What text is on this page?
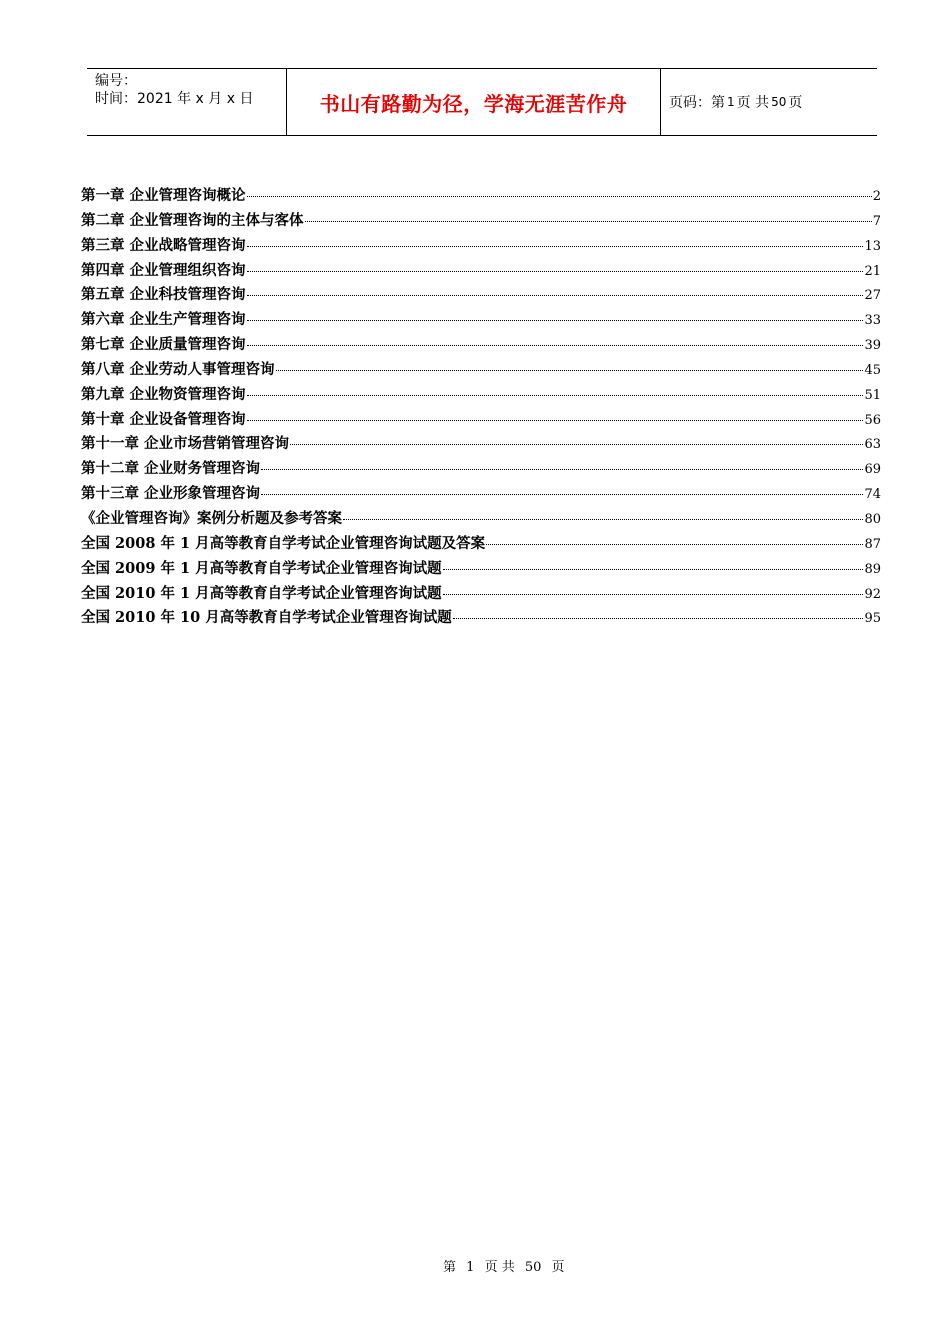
编号：
时间：2021 年 x 月 x 日	书山有路勤为径，学海无涯苦作舟	页码：第 1 页 共 50 页
第一章 企业管理咨询概论	2
第二章 企业管理咨询的主体与客体	7
第三章 企业战略管理咨询	13
第四章 企业管理组织咨询	21
第五章 企业科技管理咨询	27
第六章 企业生产管理咨询	33
第七章 企业质量管理咨询	39
第八章 企业劳动人事管理咨询	45
第九章 企业物资管理咨询	51
第十章 企业设备管理咨询	56
第十一章 企业市场营销管理咨询	63
第十二章 企业财务管理咨询	69
第十三章 企业形象管理咨询	74
《企业管理咨询》案例分析题及参考答案	80
全国 2008 年 1 月高等教育自学考试企业管理咨询试题及答案	87
全国 2009 年 1 月高等教育自学考试企业管理咨询试题	89
全国 2010 年 1 月高等教育自学考试企业管理咨询试题	92
全国 2010 年 10 月高等教育自学考试企业管理咨询试题	95
第 1 页 共 50 页
